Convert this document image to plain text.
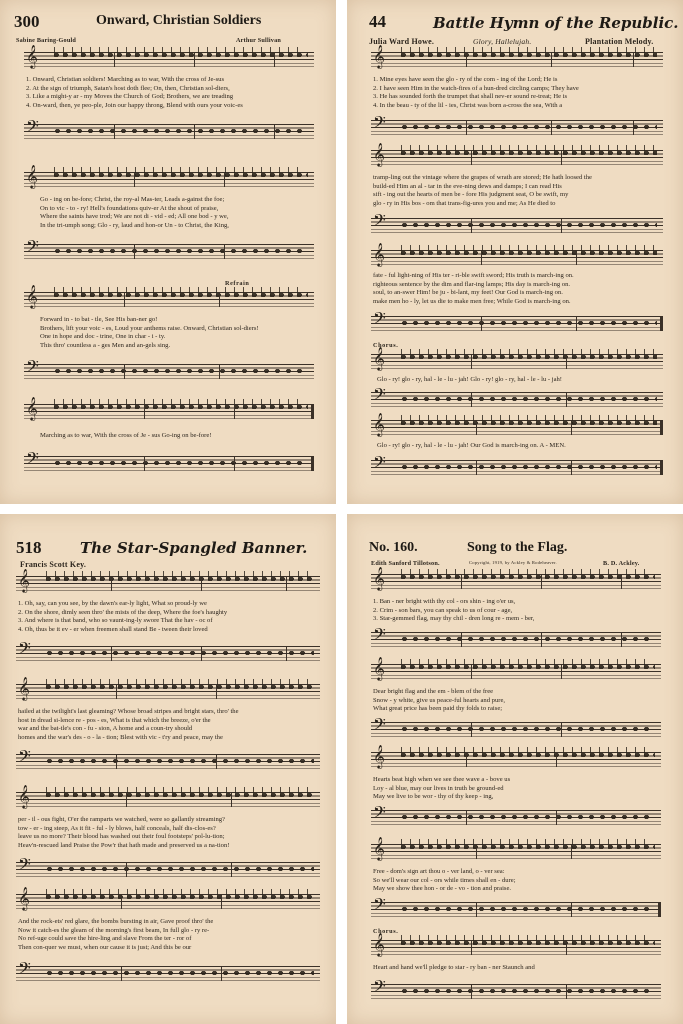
300	Onward, Christian Soldiers
Sabine Baring-Gould	Arthur Sullivan
𝄞
1. Onward, Christian soldiers! Marching as to war, With the cross of Je-sus
2. At the sign of triumph, Satan's host doth flee; On, then, Christian sol-diers,
3. Like a might-y ar - my Moves the Church of God; Brothers, we are treading
4. On-ward, then, ye peo-ple, Join our happy throng, Blend with ours your voic-es
𝄢
𝄞
Go - ing on be-fore; Christ, the roy-al Mas-ter, Leads a-gainst the foe;
On to vic - to - ry! Hell's foundations quiv-er At the shout of praise,
Where the saints have trod; We are not di - vid - ed; All one bod - y we,
In the tri-umph song; Glo - ry, laud and hon-or Un - to Christ, the King,
𝄢
Refrain
𝄞
Forward in - to bat - tle, See His ban-ner go!
Brothers, lift your voic - es, Loud your anthems raise. Onward, Christian sol-diers!
One in hope and doc - trine, One in char - i - ty.
This thro' countless a - ges Men and an-gels sing.
𝄢
𝄞
Marching as to war, With the cross of Je - sus Go-ing on be-fore!
𝄢
44	Battle Hymn of the Republic.
Julia Ward Howe.	Glory, Hallelujah.	Plantation Melody.
𝄞
1. Mine eyes have seen the glo - ry of the com - ing of the Lord; He is
2. I have seen Him in the watch-fires of a hun-dred circling camps; They have
3. He has sounded forth the trumpet that shall nev-er sound re-treat; He is
4. In the beau - ty of the lil - ies, Christ was born a-cross the sea, With a
𝄢
𝄞
tramp-ling out the vintage where the grapes of wrath are stored; He hath loosed the
build-ed Him an al - tar in the eve-ning dews and damps; I can read His
sift - ing out the hearts of men be - fore His judgment seat, O be swift, my
glo - ry in His bos - om that trans-fig-ures you and me; As He died to
𝄢
𝄞
fate - ful light-ning of His ter - ri-ble swift sword; His truth is march-ing on.
righteous sentence by the dim and flar-ing lamps; His day is march-ing on.
soul, to an-swer Him! be ju - bi-lant, my feet! Our God is march-ing on.
make men ho - ly, let us die to make men free; While God is march-ing on.
𝄢
Chorus.
𝄞
Glo - ry! glo - ry, hal - le - lu - jah! Glo - ry! glo - ry, hal - le - lu - jah!
𝄢
𝄞
Glo - ry! glo - ry, hal - le - lu - jah! Our God is march-ing on. A - MEN.
𝄢
518	The Star-Spangled Banner.
Francis Scott Key.
𝄞
1. Oh, say, can you see, by the dawn's ear-ly light, What so proud-ly we
2. On the shore, dimly seen thro' the mists of the deep, Where the foe's haughty
3. And where is that band, who so vaunt-ing-ly swore That the hav - oc of
4. Oh, thus be it ev - er when freemen shall stand Be - tween their loved
𝄢
𝄞
hailed at the twilight's last gleaming? Whose broad stripes and bright stars, thro' the
host in dread si-lence re - pos - es, What is that which the breeze, o'er the
war and the bat-tle's con - fu - sion, A home and a coun-try should
homes and the war's des - o - la - tion; Blest with vic - t'ry and peace, may the
𝄢
𝄞
per - il - ous fight, O'er the ramparts we watched, were so gallantly streaming?
tow - er - ing steep, As it fit - ful - ly blows, half conceals, half dis-clos-es?
leave us no more? Their blood has washed out their foul footsteps' pol-lu-tion;
Heav'n-rescued land Praise the Pow'r that hath made and preserved us a na-tion!
𝄢
𝄞
And the rock-ets' red glare, the bombs bursting in air, Gave proof thro' the
Now it catch-es the gleam of the morning's first beam, In full glo - ry re-
No ref-uge could save the hire-ling and slave From the ter - ror of
Then con-quer we must, when our cause it is just; And this be our
𝄢
No. 160.	Song to the Flag.
Edith Sanford Tillotson.	Copyright, 1919, by Ackley & Rodeheaver.	B. D. Ackley.
𝄞
1. Ban - ner bright with thy col - ors shin - ing o'er us,
2. Crim - son bars, you can speak to us of cour - age,
3. Star-gemmed flag, may thy chil - dren long re - mem - ber,
𝄢
𝄞
Dear bright flag and the em - blem of the free
Snow - y white, give us peace-ful hearts and pure,
What great price has been paid thy folds to raise;
𝄢
𝄞
Hearts beat high when we see thee wave a - bove us
Loy - al blue, may our lives in truth be ground-ed
May we live to be wor - thy of thy keep - ing,
𝄢
𝄞
Free - dom's sign art thou o - ver land, o - ver sea:
So we'll wear our col - ors while times shall en - dure;
May we show thee hon - or de - vo - tion and praise.
𝄢
Chorus.
𝄞
Heart and hand we'll pledge to star - ry ban - ner Staunch and
𝄢
